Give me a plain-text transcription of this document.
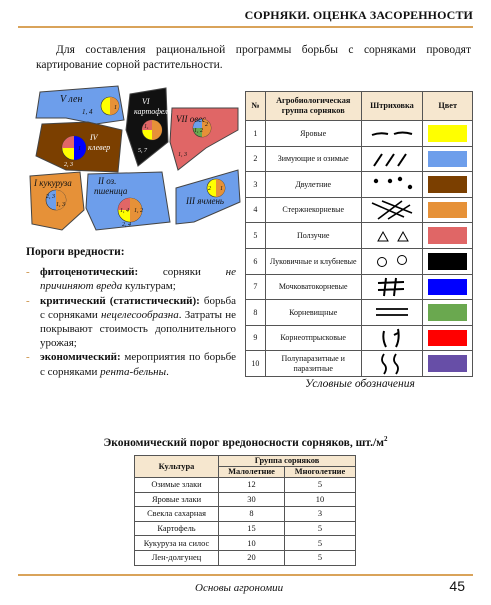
СОРНЯКИ. ОЦЕНКА ЗАСОРЕННОСТИ

Для составления рациональной программы борьбы с сорняками проводят картирование сорной растительности.

V лен
1, 4	1
VI
картофель
1,
5, 7
VII овес
2
1, 2
1, 3
IV
клевер
2, 3
1
I кукуруза
2, 3
1, 3
II оз.
пшеница
1, 4 1, 2
2, 4
III ячмень
2 1
Пороги вредности:
- фитоценотический: сорняки не причиняют вреда культурам;
- критический (статистический): борьба с сорняками нецелесообразна. Затраты не покрывают стоимость дополнительного урожая;
- экономический: мероприятия по борьбе с сорняками рента-бельны.
№	Агробиологическая группа сорняков	Штриховка	Цвет
1	Яровые	

2	Зимующие и озимые	

3	Двулетние	

4	Стержнекорневые	

5	Ползучие	

6	Луковичные и клубневые	

7	Мочковатокорневые	

8	Корневищные	

9	Корнеотпрысковые	

10	Полупаразитные и паразитные	

Условные обозначения
Экономический порог вредоносности сорняков, $шт./м^2$
Культура	Группа сорняков	
	Малолетние	Многолетние
Озимые злаки	12	5
Яровые злаки	30	10
Свекла сахарная	8	3
Картофель	15	5
Кукуруза на силос	10	5
Лен-долгунец	20	5
Основы агрономии	45
